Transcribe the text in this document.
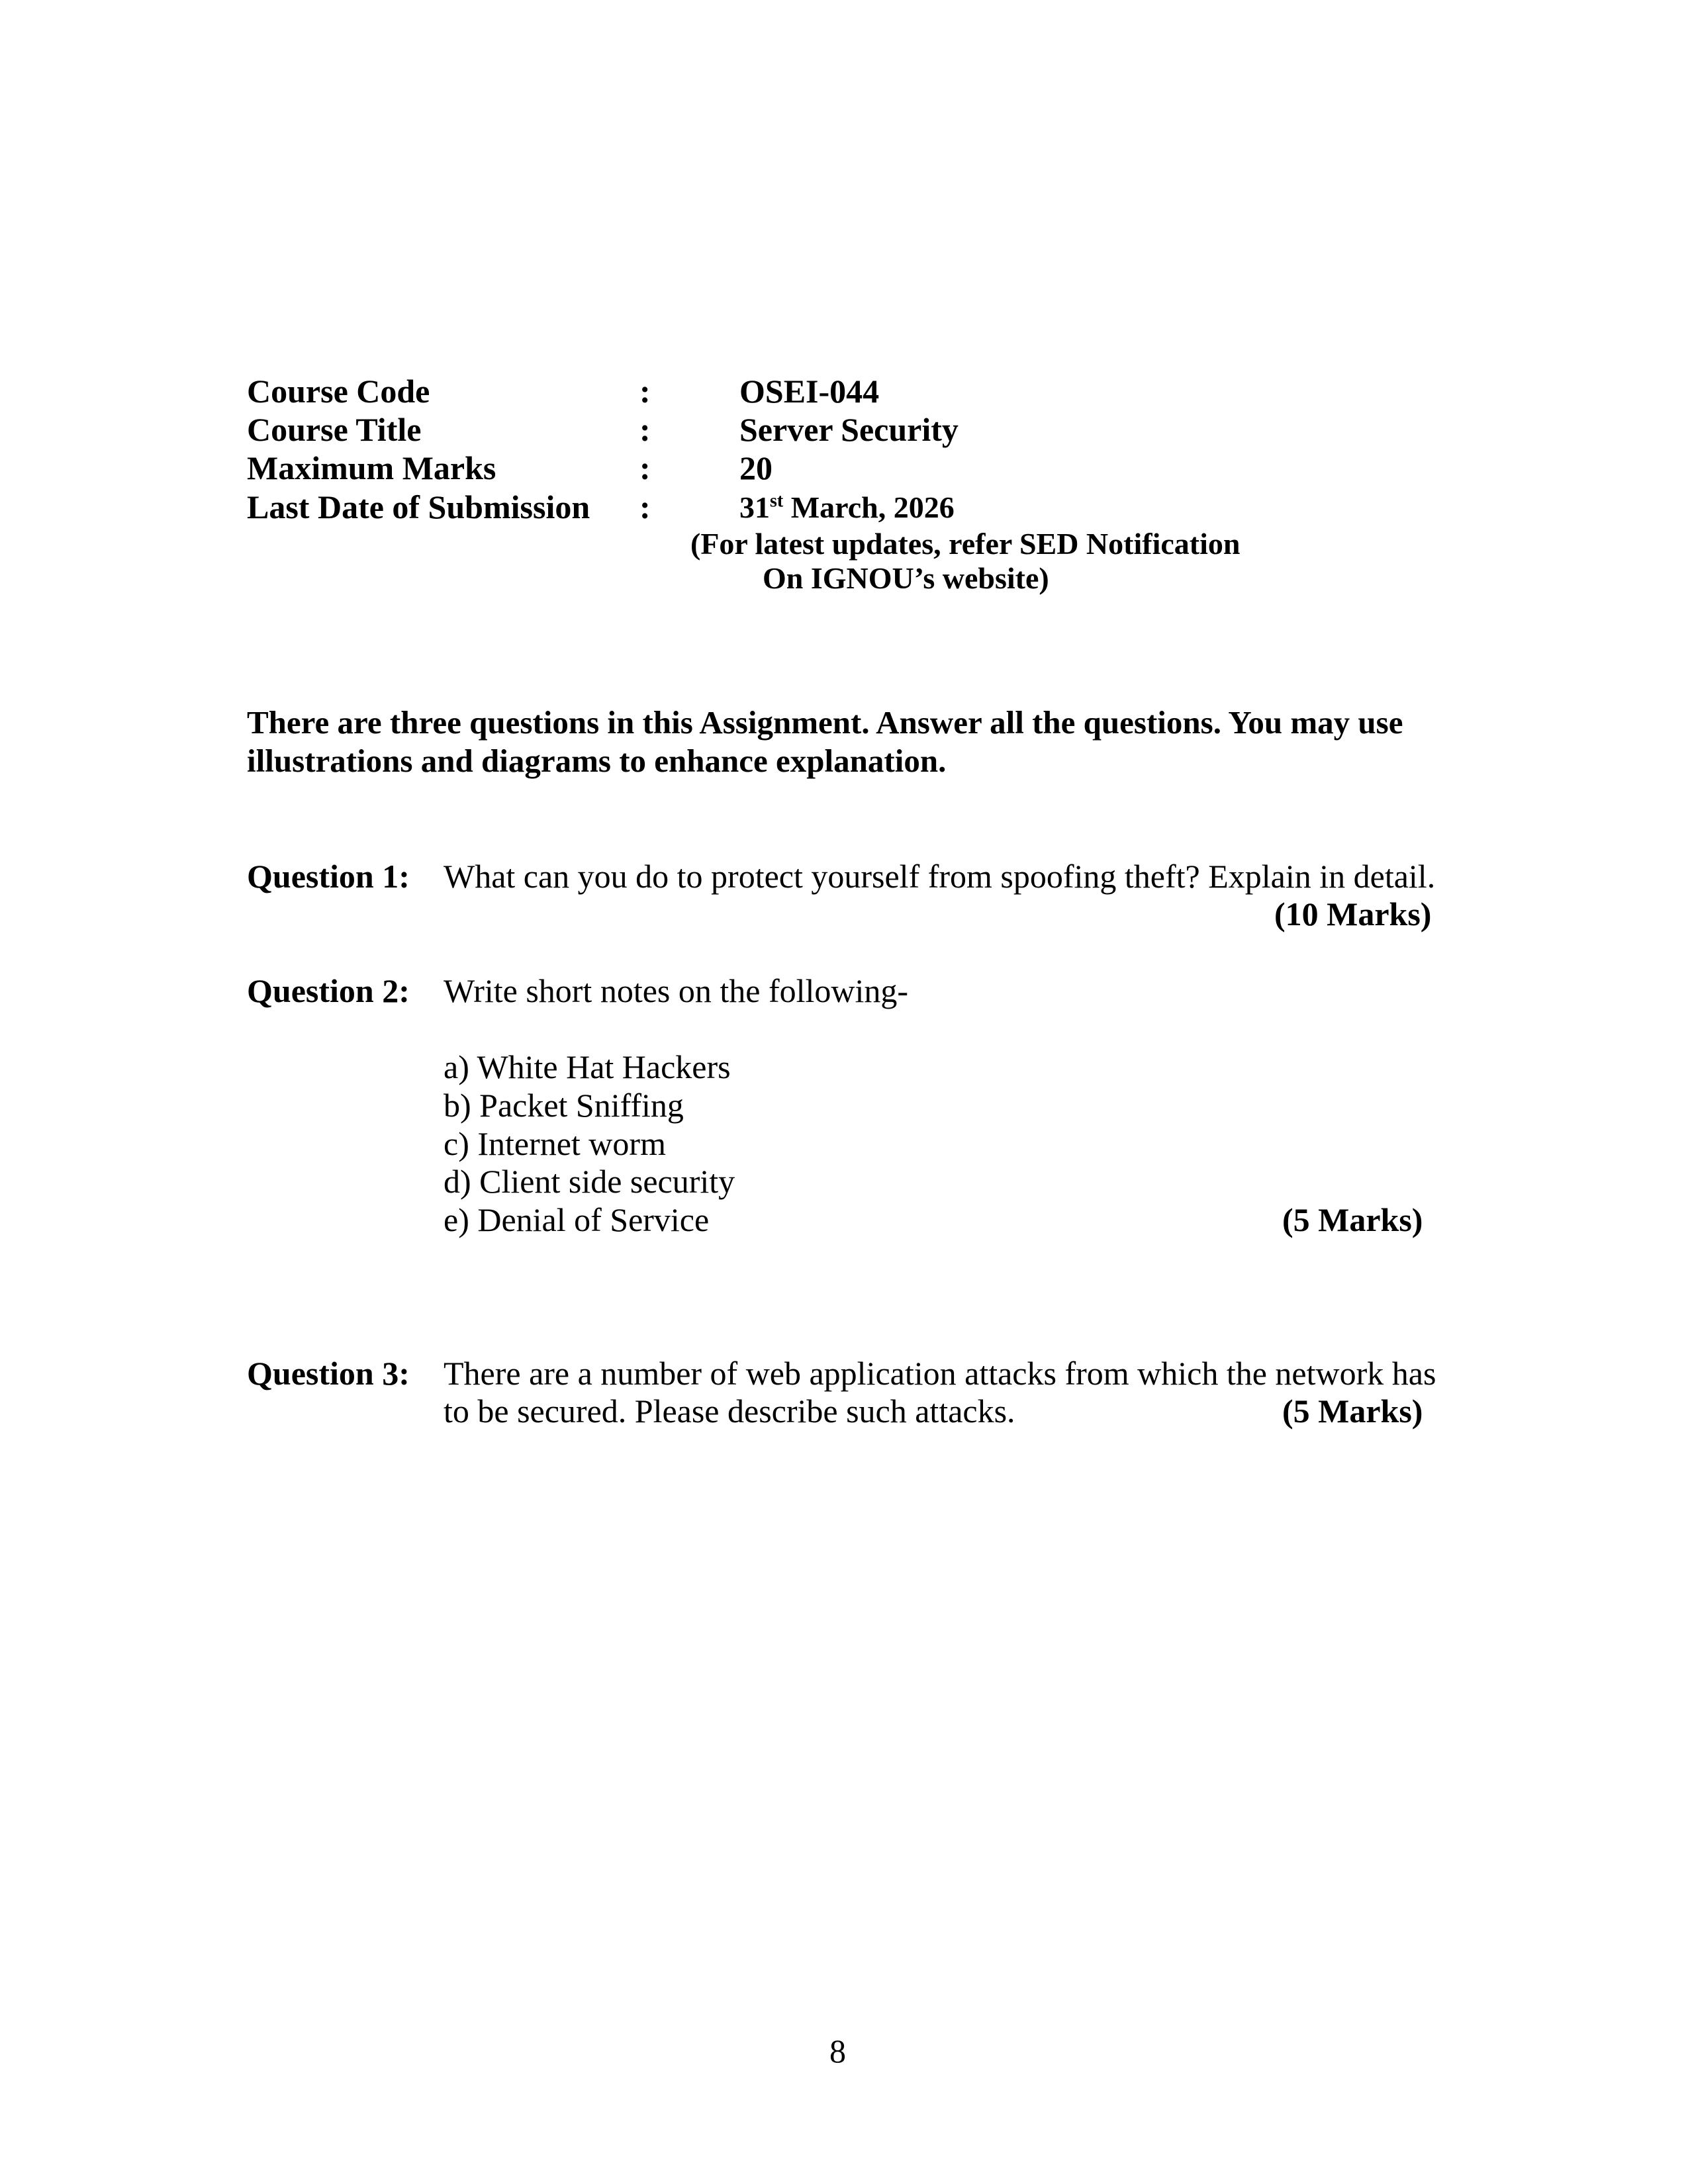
Course Code	:	OSEI-044
Course Title	:	Server Security
Maximum Marks	:	20
Last Date of Submission :	31st March, 2026
(For latest updates, refer SED Notification
On IGNOU’s website)
There are three questions in this Assignment. Answer all the questions. You may use
illustrations and diagrams to enhance explanation.
Question 1: What can you do to protect yourself from spoofing theft? Explain in detail.
(10 Marks)
Question 2: Write short notes on the following-
a) White Hat Hackers
b) Packet Sniffing
c) Internet worm
d) Client side security
e) Denial of Service	(5 Marks)
Question 3: There are a number of web application attacks from which the network has
to be secured. Please describe such attacks.	(5 Marks)
8
